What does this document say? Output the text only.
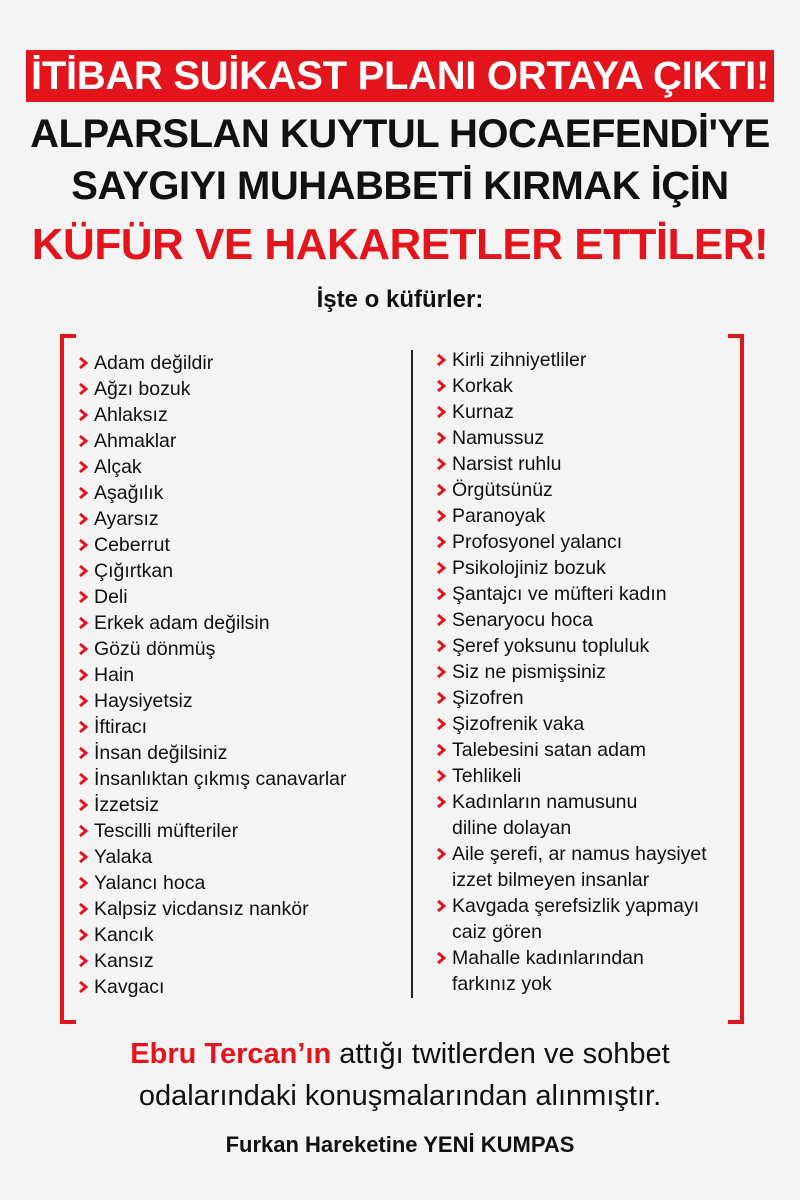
İTİBAR SUİKAST PLANI ORTAYA ÇIKTI!
ALPARSLAN KUYTUL HOCAEFENDİ'YE
SAYGIYI MUHABBETİ KIRMAK İÇİN
KÜFÜR VE HAKARETLER ETTİLER!
İşte o küfürler:
Adam değildir
Ağzı bozuk
Ahlaksız
Ahmaklar
Alçak
Aşağılık
Ayarsız
Ceberrut
Çığırtkan
Deli
Erkek adam değilsin
Gözü dönmüş
Hain
Haysiyetsiz
İftiracı
İnsan değilsiniz
İnsanlıktan çıkmış canavarlar
İzzetsiz
Tescilli müfteriler
Yalaka
Yalancı hoca
Kalpsiz vicdansız nankör
Kancık
Kansız
Kavgacı
Kirli zihniyetliler
Korkak
Kurnaz
Namussuz
Narsist ruhlu
Örgütsünüz
Paranoyak
Profosyonel yalancı
Psikolojiniz bozuk
Şantajcı ve müfteri kadın
Senaryocu hoca
Şeref yoksunu topluluk
Siz ne pismişsiniz
Şizofren
Şizofrenik vaka
Talebesini satan adam
Tehlikeli
Kadınların namusunu
diline dolayan
Aile şerefi, ar namus haysiyet
izzet bilmeyen insanlar
Kavgada şerefsizlik yapmayı
caiz gören
Mahalle kadınlarından
farkınız yok
Ebru Tercan’ın attığı twitlerden ve sohbet
odalarındaki konuşmalarından alınmıştır.
Furkan Hareketine YENİ KUMPAS
